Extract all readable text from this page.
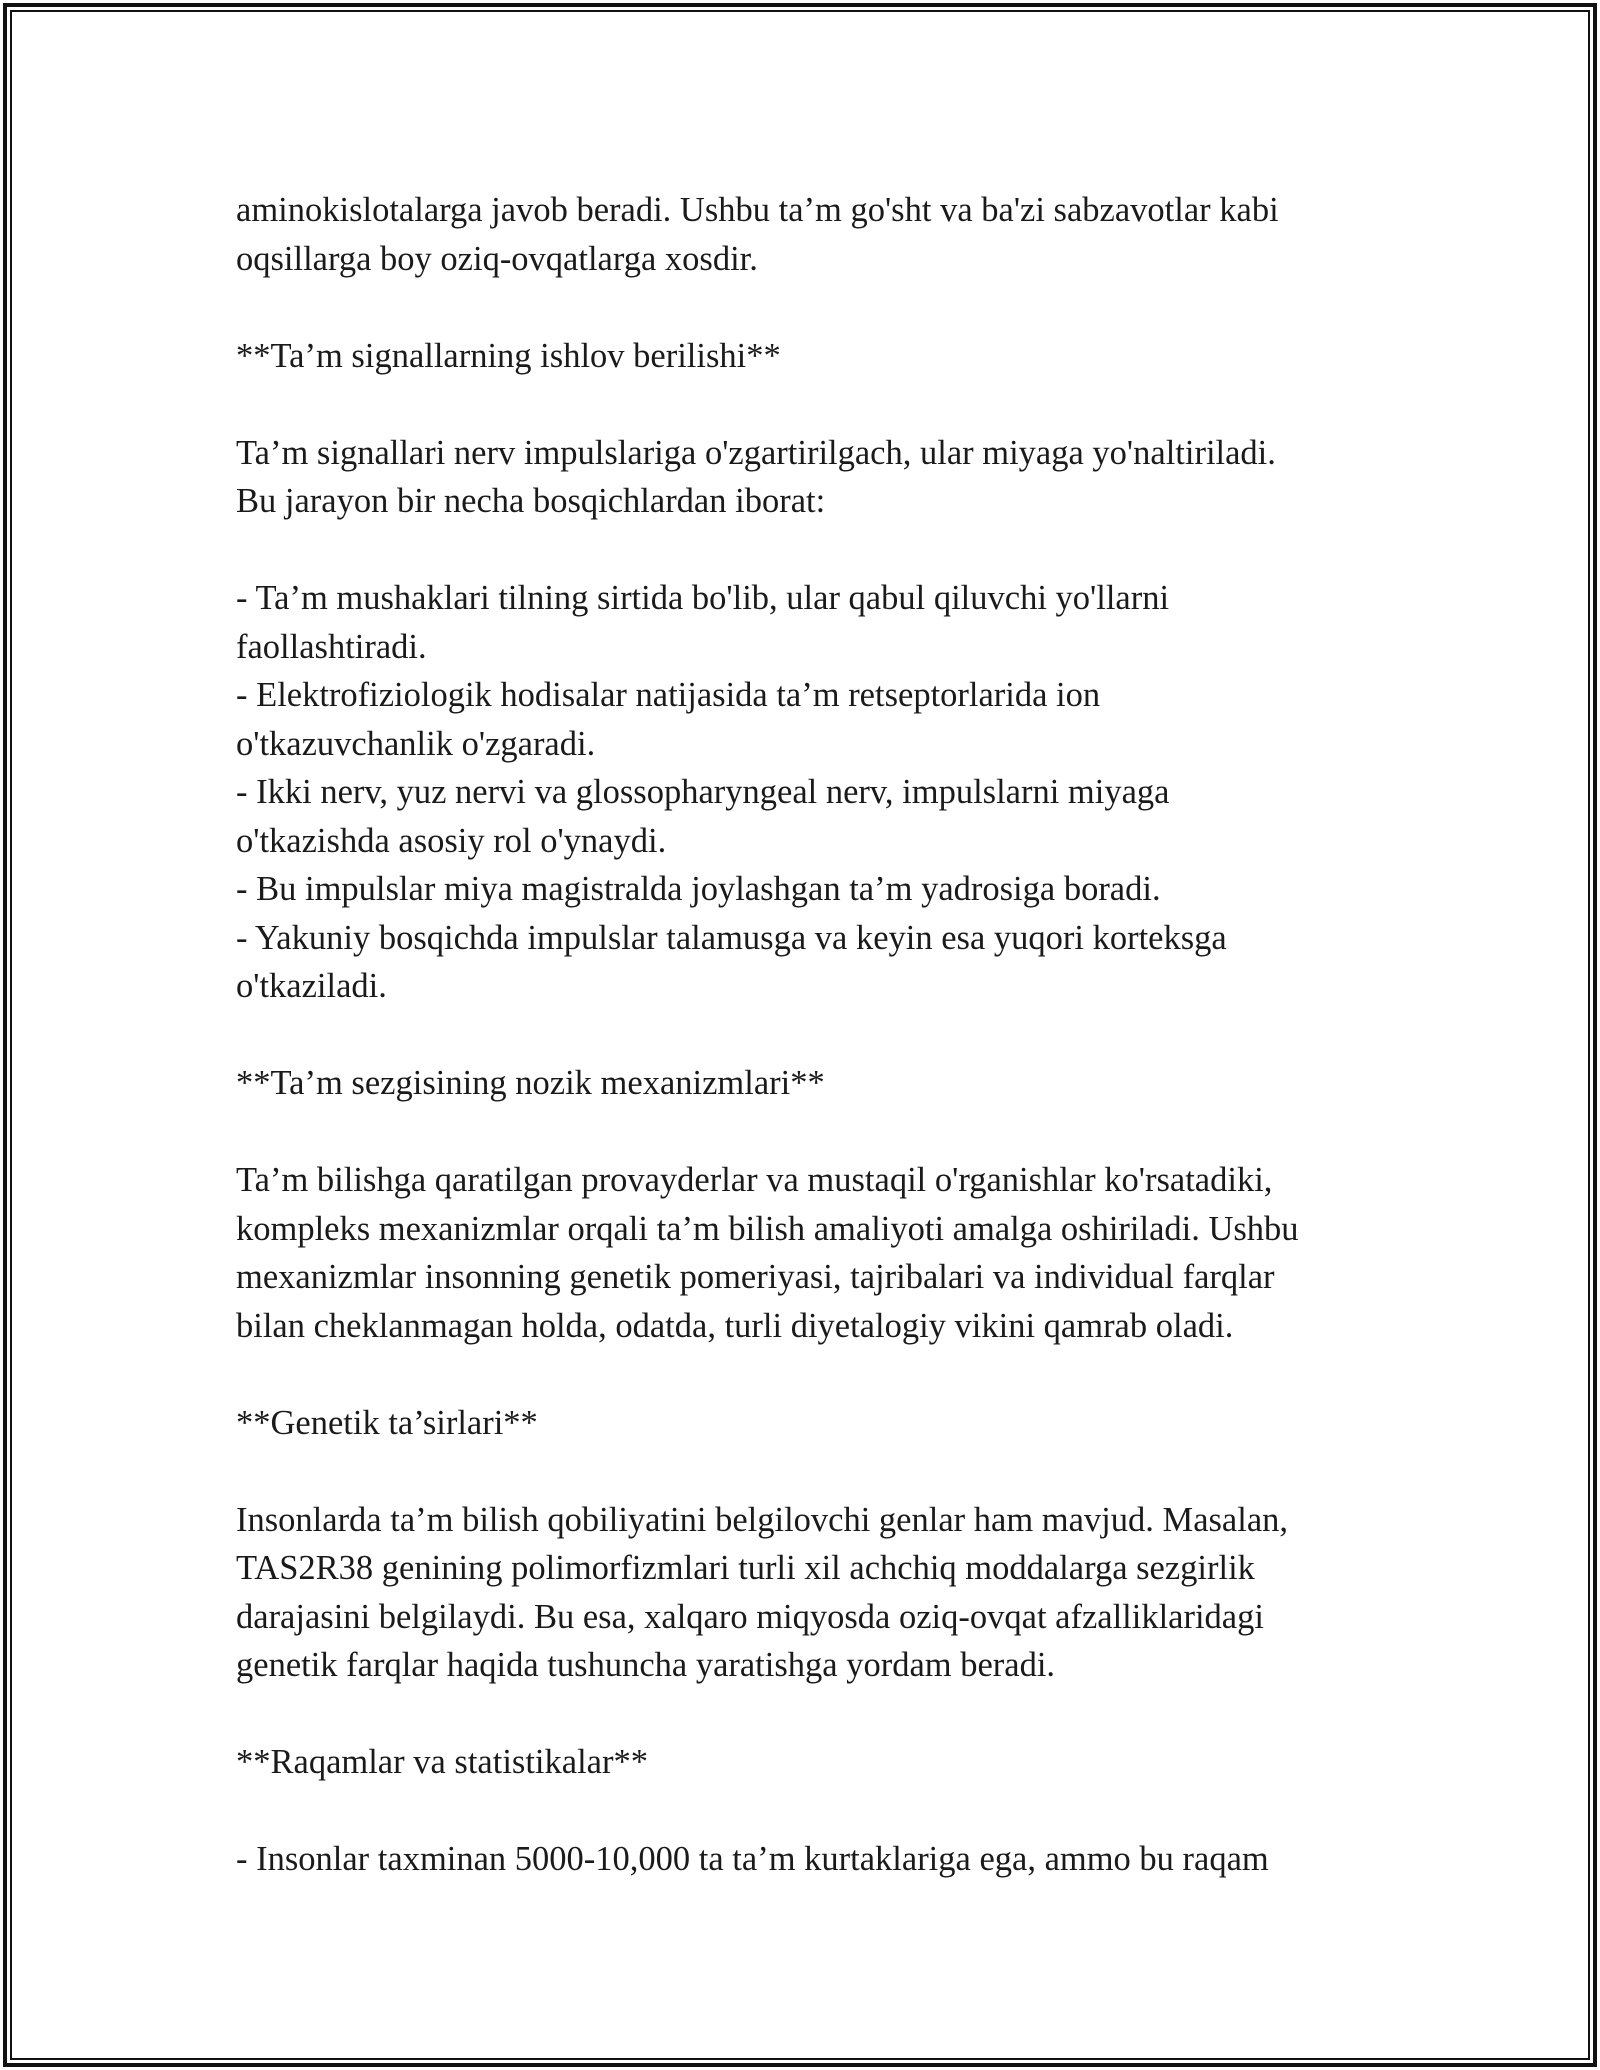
aminokislotalarga javob beradi. Ushbu ta’m go'sht va ba'zi sabzavotlar kabi
oqsillarga boy oziq-ovqatlarga xosdir.
**Ta’m signallarning ishlov berilishi**
Ta’m signallari nerv impulslariga o'zgartirilgach, ular miyaga yo'naltiriladi.
Bu jarayon bir necha bosqichlardan iborat:
- Ta’m mushaklari tilning sirtida bo'lib, ular qabul qiluvchi yo'llarni
faollashtiradi.
- Elektrofiziologik hodisalar natijasida ta’m retseptorlarida ion
o'tkazuvchanlik o'zgaradi.
- Ikki nerv, yuz nervi va glossopharyngeal nerv, impulslarni miyaga
o'tkazishda asosiy rol o'ynaydi.
- Bu impulslar miya magistralda joylashgan ta’m yadrosiga boradi.
- Yakuniy bosqichda impulslar talamusga va keyin esa yuqori korteksga
o'tkaziladi.
**Ta’m sezgisining nozik mexanizmlari**
Ta’m bilishga qaratilgan provayderlar va mustaqil o'rganishlar ko'rsatadiki,
kompleks mexanizmlar orqali ta’m bilish amaliyoti amalga oshiriladi. Ushbu
mexanizmlar insonning genetik pomeriyasi, tajribalari va individual farqlar
bilan cheklanmagan holda, odatda, turli diyetalogiy vikini qamrab oladi.
**Genetik ta’sirlari**
Insonlarda ta’m bilish qobiliyatini belgilovchi genlar ham mavjud. Masalan,
TAS2R38 genining polimorfizmlari turli xil achchiq moddalarga sezgirlik
darajasini belgilaydi. Bu esa, xalqaro miqyosda oziq-ovqat afzalliklaridagi
genetik farqlar haqida tushuncha yaratishga yordam beradi.
**Raqamlar va statistikalar**
- Insonlar taxminan 5000-10,000 ta ta’m kurtaklariga ega, ammo bu raqam
